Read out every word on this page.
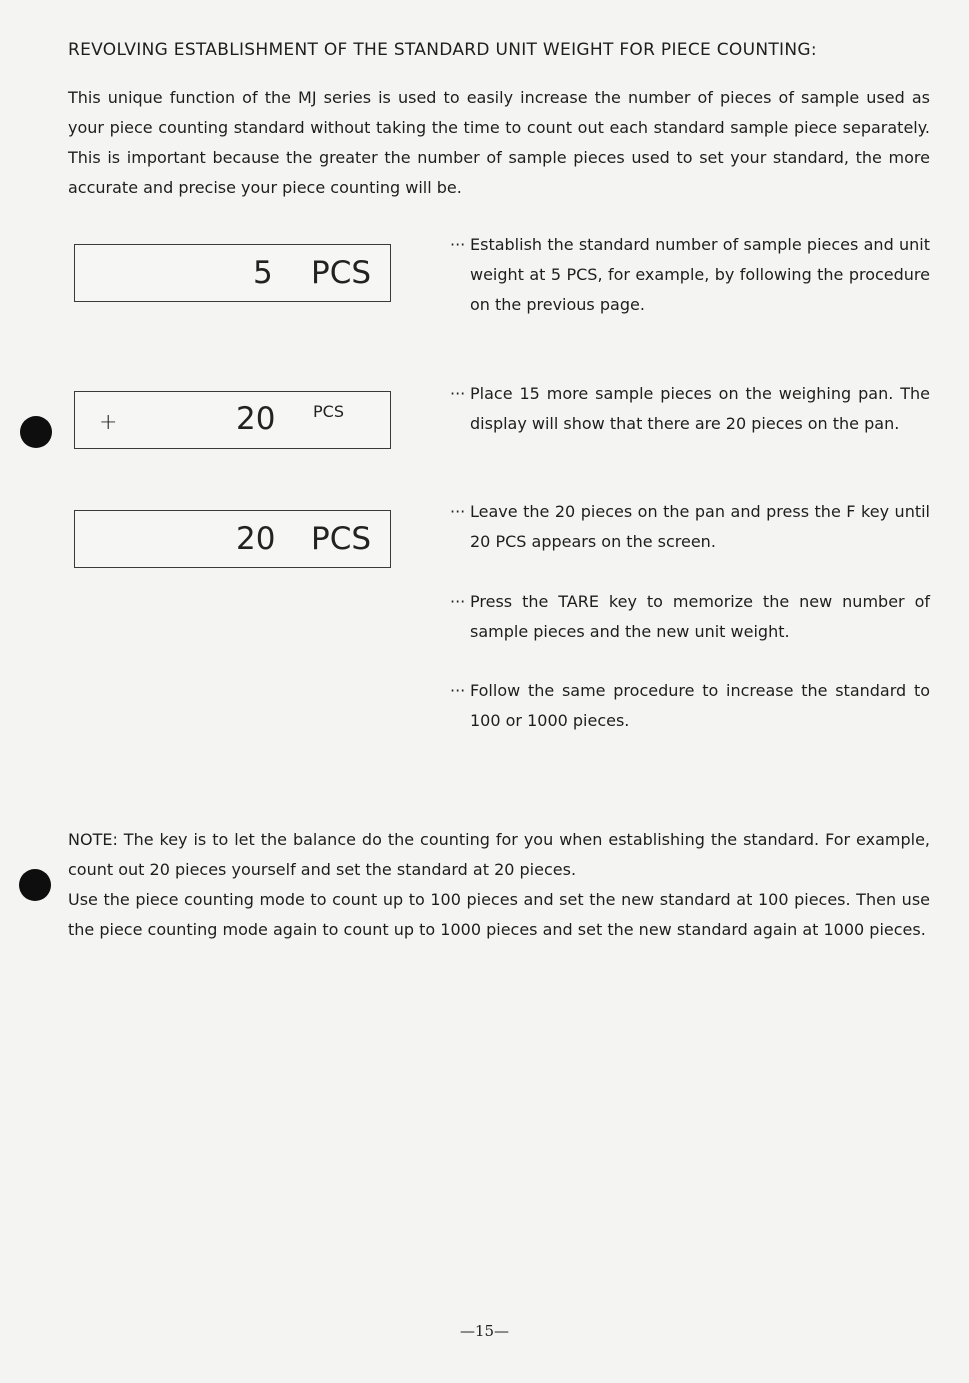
REVOLVING ESTABLISHMENT OF THE STANDARD UNIT WEIGHT FOR PIECE COUNTING:

This unique function of the MJ series is used to easily increase the number of pieces of sample used as your piece counting standard without taking the time to count out each standard sample piece separately. This is important because the greater the number of sample pieces used to set your standard, the more accurate and precise your piece counting will be.

5 PCS
+	20 PCS
20 PCS
··· Establish the standard number of sample pieces and unit weight at 5 PCS, for example, by following the procedure on the previous page.
··· Place 15 more sample pieces on the weighing pan. The display will show that there are 20 pieces on the pan.
··· Leave the 20 pieces on the pan and press the F key until 20 PCS appears on the screen.
··· Press the TARE key to memorize the new number of sample pieces and the new unit weight.
··· Follow the same procedure to increase the standard to 100 or 1000 pieces.

NOTE: The key is to let the balance do the counting for you when establishing the standard. For example, count out 20 pieces yourself and set the standard at 20 pieces.

Use the piece counting mode to count up to 100 pieces and set the new standard at 100 pieces. Then use the piece counting mode again to count up to 1000 pieces and set the new standard again at 1000 pieces.

—15—
